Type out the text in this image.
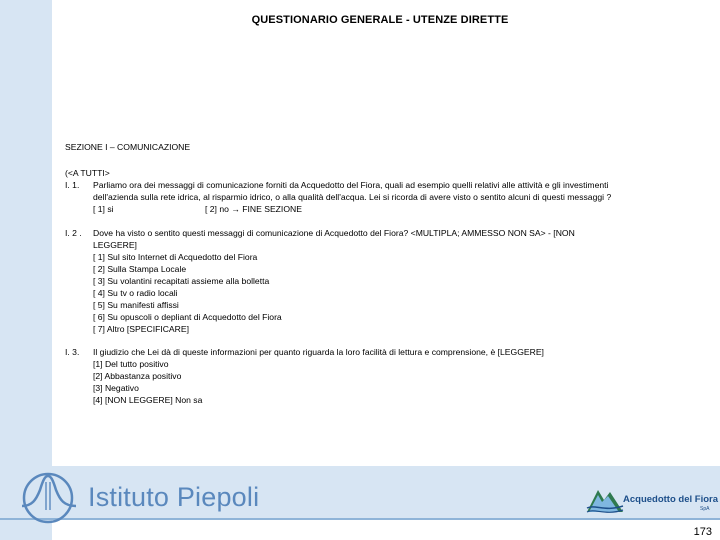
QUESTIONARIO GENERALE - UTENZE DIRETTE
SEZIONE I – COMUNICAZIONE
(<A TUTTI>
I. 1. Parliamo ora dei messaggi di comunicazione forniti da Acquedotto del Fiora, quali ad esempio quelli relativi alle attività e gli investimenti
dell'azienda sulla rete idrica, al risparmio idrico, o alla qualità dell'acqua. Lei si ricorda di avere visto o sentito alcuni di questi messaggi ?
[ 1] si	[ 2] no → FINE SEZIONE
I. 2 . Dove ha visto o sentito questi messaggi di comunicazione di Acquedotto del Fiora? <MULTIPLA; AMMESSO NON SA> - [NON
LEGGERE]
[ 1] Sul sito Internet di Acquedotto del Fiora
[ 2] Sulla Stampa Locale
[ 3] Su volantini recapitati assieme alla bolletta
[ 4] Su tv o radio locali
[ 5] Su manifesti affissi
[ 6] Su opuscoli o depliant di Acquedotto del Fiora
[ 7] Altro [SPECIFICARE]
I. 3. Il giudizio che Lei dà di queste informazioni per quanto riguarda la loro facilità di lettura e comprensione, è [LEGGERE]
[1] Del tutto positivo
[2] Abbastanza positivo
[3] Negativo
[4] [NON LEGGERE] Non sa
Istituto Piepoli	Acquedotto del Fiora
SpA
173
